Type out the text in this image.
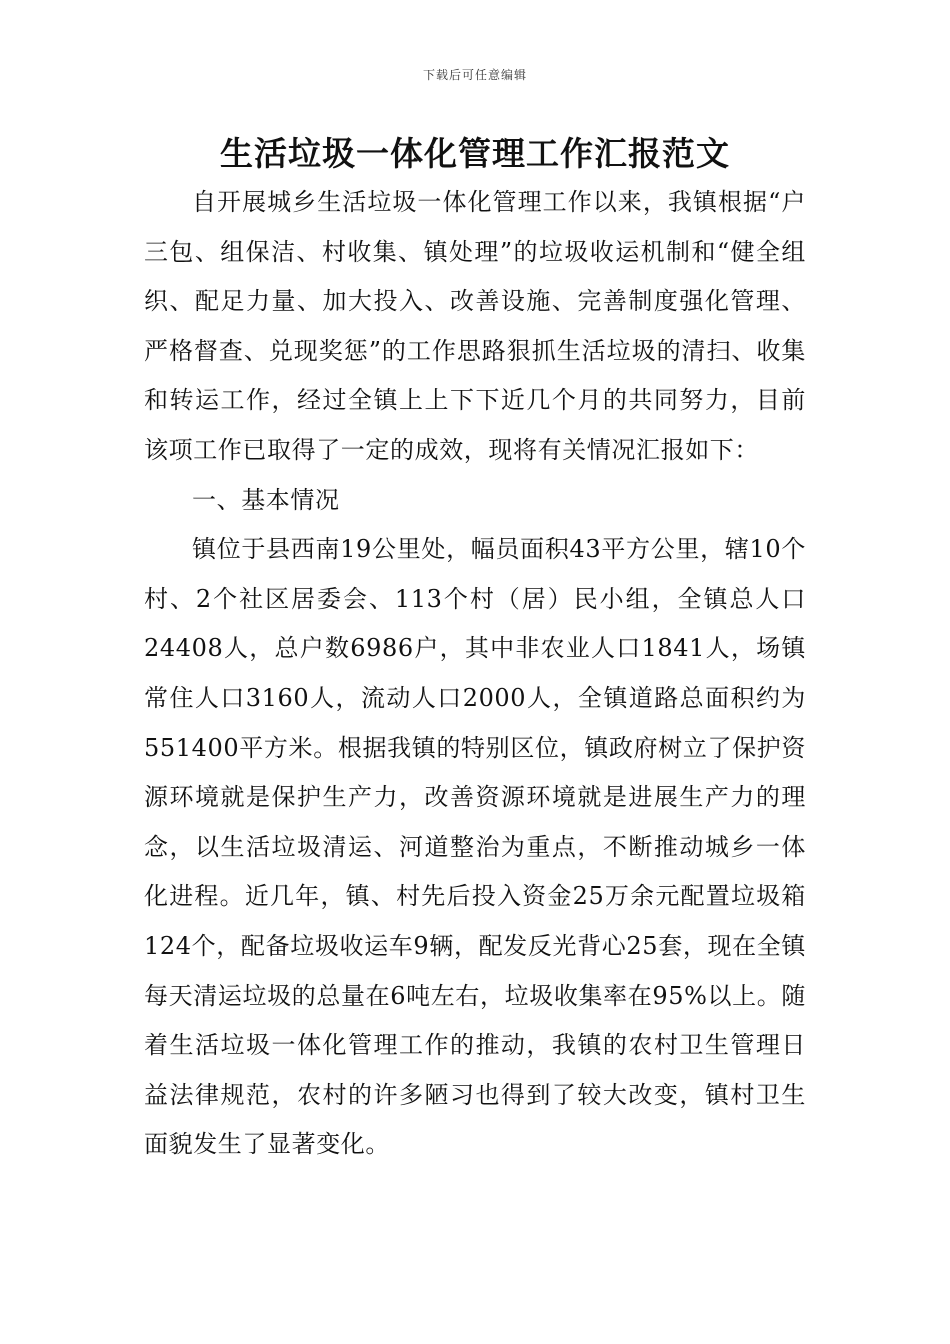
下载后可任意编辑
生活垃圾一体化管理工作汇报范文

自开展城乡生活垃圾一体化管理工作以来，我镇根据“户三包、组保洁、村收集、镇处理”的垃圾收运机制和“健全组织、配足力量、加大投入、改善设施、完善制度强化管理、严格督查、兑现奖惩”的工作思路狠抓生活垃圾的清扫、收集和转运工作，经过全镇上上下下近几个月的共同努力，目前该项工作已取得了一定的成效，现将有关情况汇报如下：

一、基本情况

镇位于县西南19公里处，幅员面积43平方公里，辖10个村、2个社区居委会、113个村（居）民小组，全镇总人口24408人，总户数6986户，其中非农业人口1841人，场镇常住人口3160人，流动人口2000人，全镇道路总面积约为551400平方米。根据我镇的特别区位，镇政府树立了保护资源环境就是保护生产力，改善资源环境就是进展生产力的理念，以生活垃圾清运、河道整治为重点，不断推动城乡一体化进程。近几年，镇、村先后投入资金25万余元配置垃圾箱124个，配备垃圾收运车9辆，配发反光背心25套，现在全镇每天清运垃圾的总量在6吨左右，垃圾收集率在95%以上。随着生活垃圾一体化管理工作的推动，我镇的农村卫生管理日益法律规范，农村的许多陋习也得到了较大改变，镇村卫生面貌发生了显著变化。
